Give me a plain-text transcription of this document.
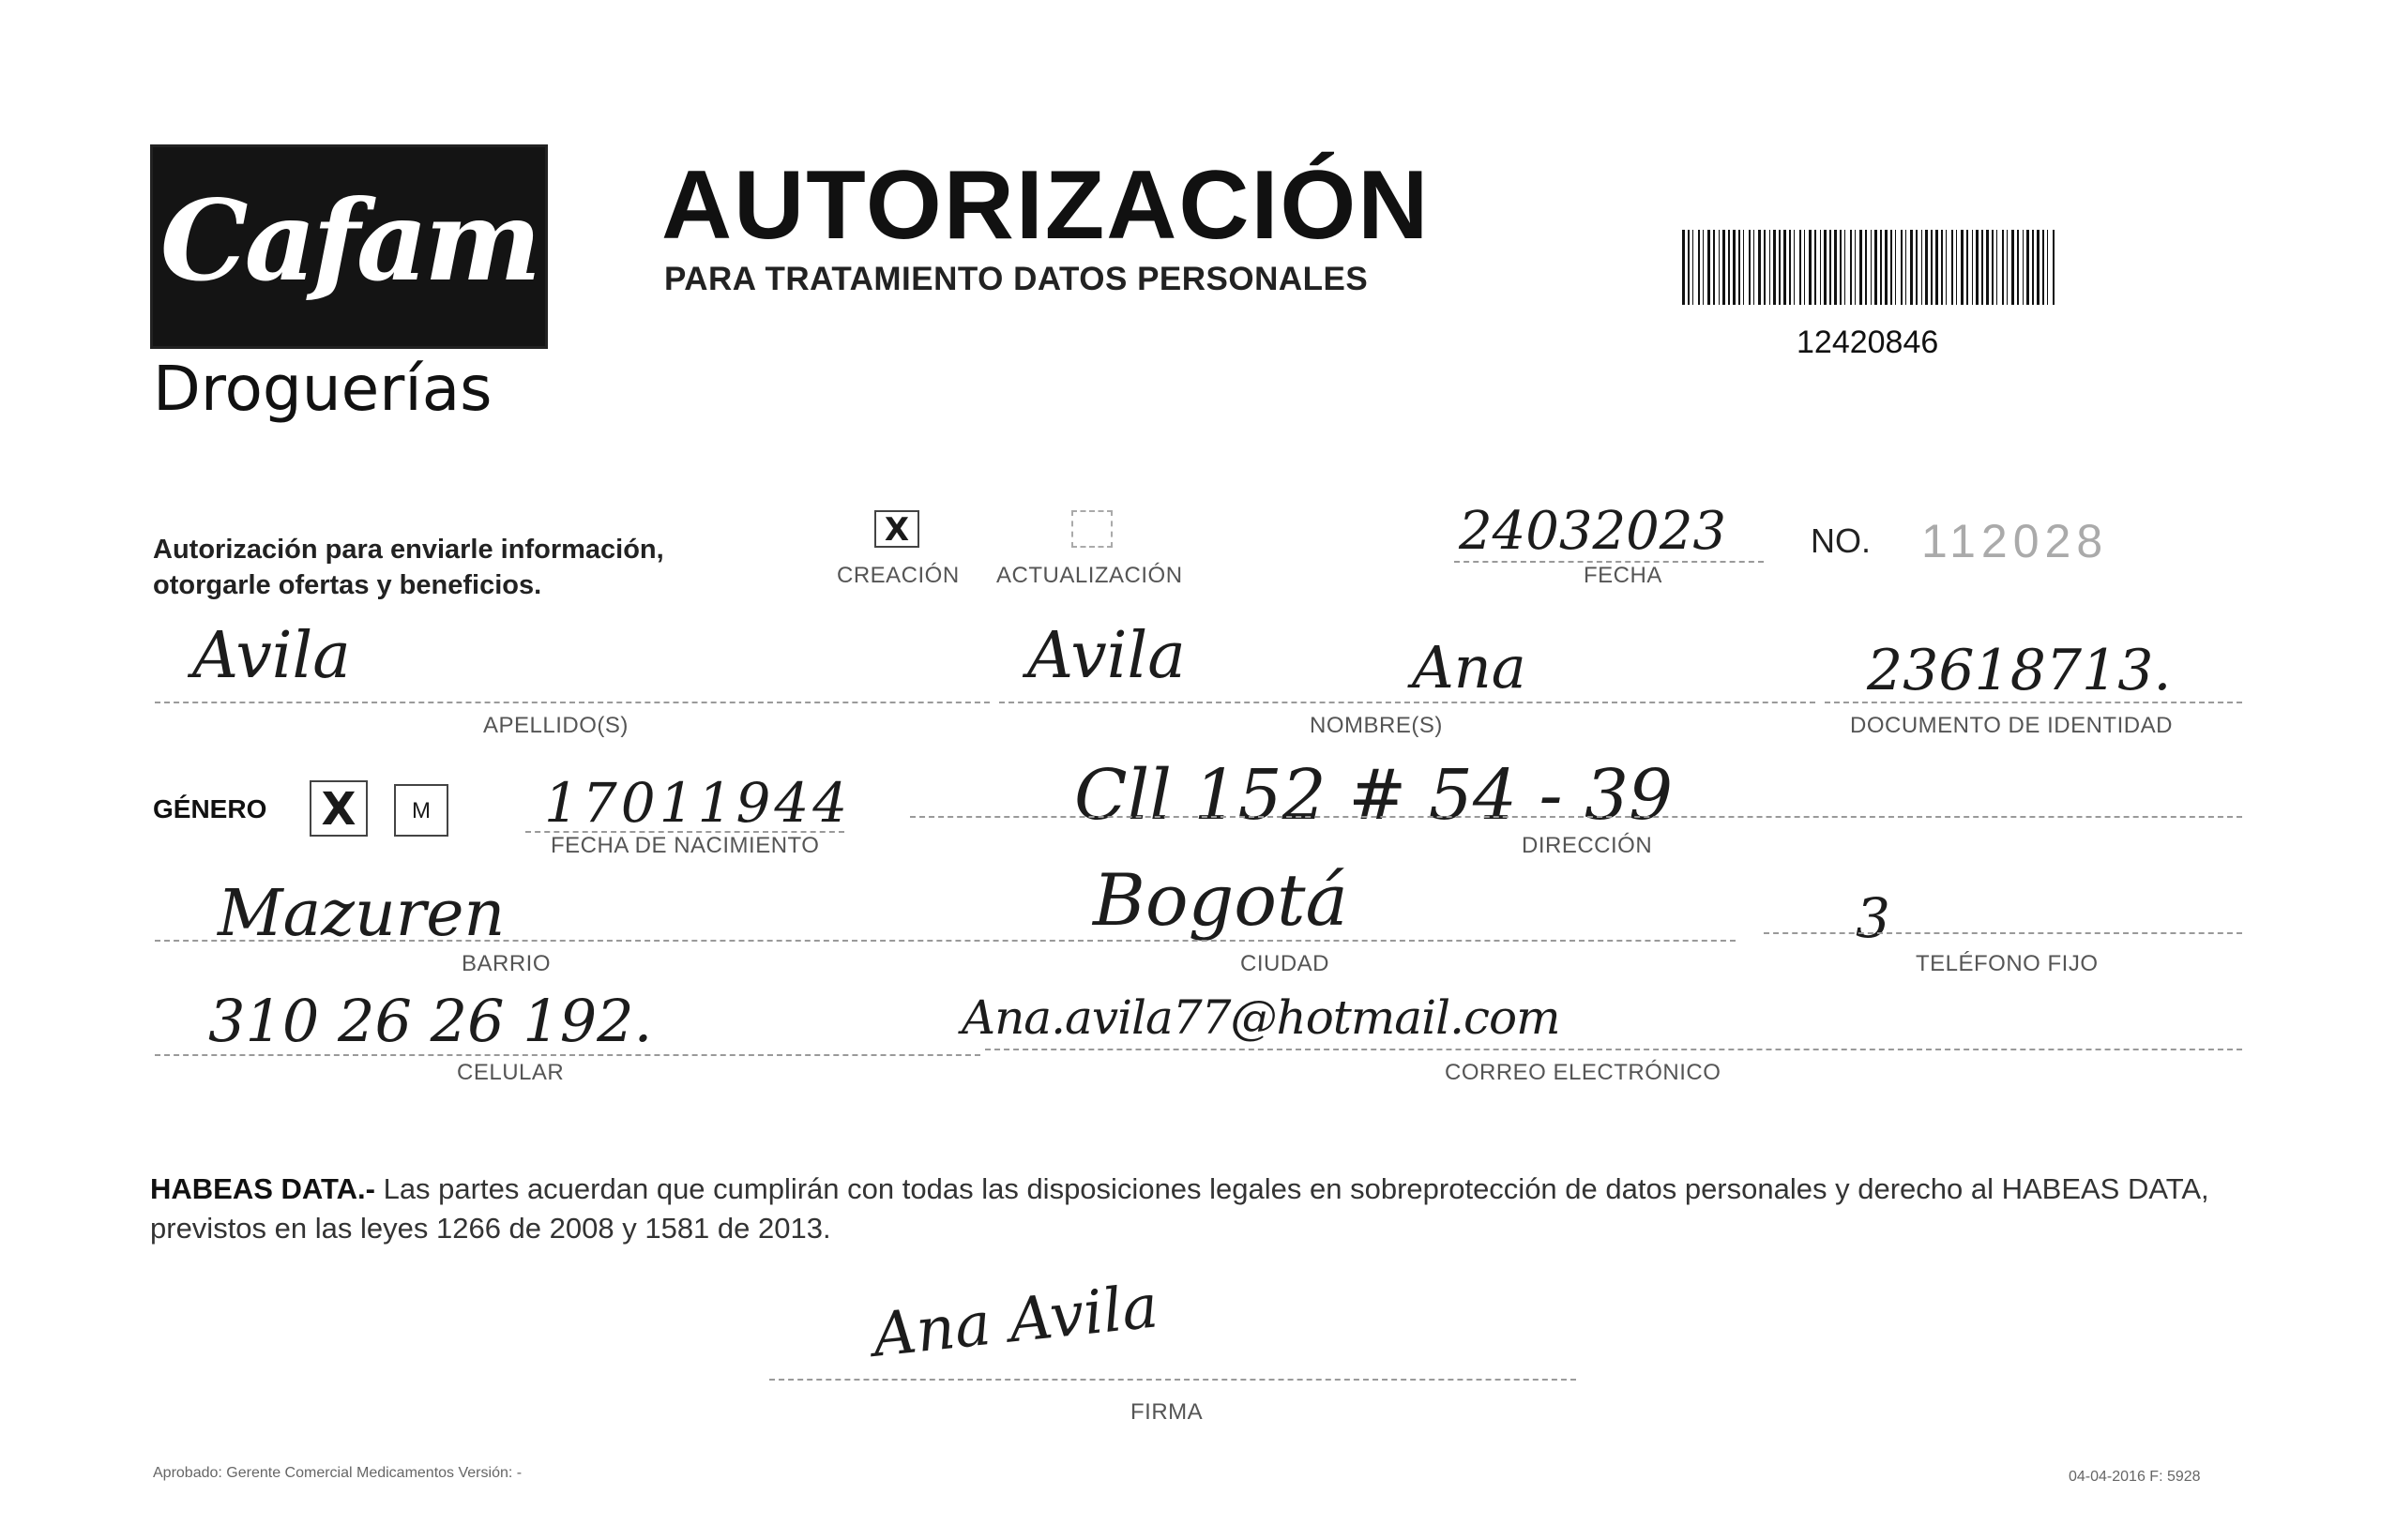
Cafam
Droguerías
AUTORIZACIÓN
PARA TRATAMIENTO DATOS PERSONALES
12420846
Autorización para enviarle información,
otorgarle ofertas y beneficios.
X
CREACIÓN ACTUALIZACIÓN
24032023
FECHA
NO. 112028
Avila
APELLIDO(S)
Avila	Ana
NOMBRE(S)
23618713.
DOCUMENTO DE IDENTIDAD
GÉNERO X	M	17011944
FECHA DE NACIMIENTO
Cll 152 # 54 - 39
DIRECCIÓN
Mazuren
BARRIO
Bogotá
CIUDAD
3
TELÉFONO FIJO
310 26 26 192.
CELULAR
Ana.avila77@hotmail.com
CORREO ELECTRÓNICO
HABEAS DATA.- Las partes acuerdan que cumplirán con todas las disposiciones legales en sobreprotección de datos personales y derecho al HABEAS DATA, previstos en las leyes 1266 de 2008 y 1581 de 2013.
Ana Avila
FIRMA
Aprobado: Gerente Comercial Medicamentos Versión: -	04-04-2016 F: 5928
